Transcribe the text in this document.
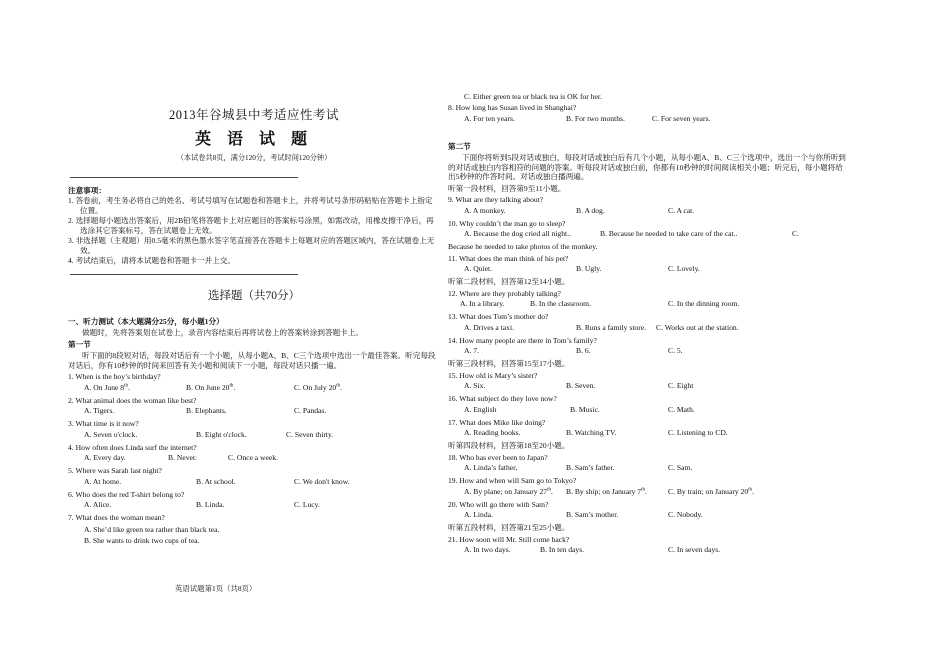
2013年谷城县中考适应性考试
英 语 试 题
（本试卷共8页，满分120分，考试时间120分钟）
注意事项：
1. 答卷前，考生务必将自己的姓名、考试号填写在试题卷和答题卡上，并将考试号条形码粘贴在答题卡上指定位置。
2. 选择题每小题选出答案后，用2B铅笔将答题卡上对应题目的答案标号涂黑，如需改动，用橡皮擦干净后，再选涂其它答案标号，答在试题卷上无效。
3. 非选择题（主观题）用0.5毫米的黑色墨水签字笔直接答在答题卡上每题对应的答题区域内，答在试题卷上无效。
4. 考试结束后，请将本试题卷和答题卡一并上交。
选择题（共70分）
一、听力测试（本大题满分25分，每小题1分）
做题时，先将答案划在试卷上，录音内容结束后再将试卷上的答案转涂到答题卡上。
第一节
听下面的8段短对话，每段对话后有一个小题，从每小题A、B、C三个选项中选出一个最佳答案。听完每段对话后，你有10秒钟的时间来回答有关小题和阅读下一小题，每段对话只播一遍。
1. When is the boy’s birthday?
A. On June 8th.	B. On June 20th.	C. On July 20th.
2. What animal does the woman like best?
A. Tigers.	B. Elephants.	C. Pandas.
3. What time is it now?
A. Seven o'clock.	B. Eight o'clock.	C. Seven thirty.
4. How often does Linda surf the internet?
A. Every day.	B. Never.	C. Once a week.
5. Where was Sarah last night?
A. At home.	B. At school.	C. We don't know.
6. Who does the red T-shirt belong to?
A. Alice.	B. Linda.	C. Lucy.
7. What does the woman mean?
A. She’d like green tea rather than black tea.
B. She wants to drink two cups of tea.
英语试题第1页（共8页）
C. Either green tea or black tea is OK for her.
8. How long has Susan lived in Shanghai?
A. For ten years.	B. For two months.	C. For seven years.
第二节
下面你将听到5段对话或独白，每段对话或独白后有几个小题，从每小题A、B、C三个选项中，选出一个与你所听到的对话或独白内容相符的问题的答案。听每段对话或独白前，你都有10秒钟的时间阅读相关小题；听完后，每小题将给出5秒钟的作答时间。对话或独白播两遍。
听第一段材料，回答第9至11小题。
9. What are they talking about?
A. A monkey.	B. A dog.	C. A cat.
10. Why couldn’t the man go to sleep?
A. Because the dog cried all night..	B. Because he needed to take care of the cat..	C.
Because he needed to take photos of the monkey.
11. What does the man think of his pet?
A. Quiet.	B. Ugly.	C. Lovely.
听第二段材料，回答第12至14小题。
12. Where are they probably talking?
A. In a library.	B. In the classroom.	C. In the dinning room.
13. What does Tom’s mother do?
A. Drives a taxi.	B. Runs a family store. C. Works out at the station.
14. How many people are there in Tom’s family?
A. 7.	B. 6.	C. 5.
听第三段材料，回答第15至17小题。
15. How old is Mary’s sister?
A. Six.	B. Seven.	C. Eight
16. What subject do they love now?
A. English	B. Music.	C. Math.
17. What does Mike like doing?
A. Reading books.	B. Watching TV.	C. Listening to CD.
听第四段材料，回答第18至20小题。
18. Who has ever been to Japan?
A. Linda’s father,	B. Sam’s father.	C. Sam.
19. How and when will Sam go to Tokyo?
A. By plane; on January 27th. B. By ship; on January 7th.	C. By train; on January 20th.
20. Who will go there with Sam?
A. Linda.	B. Sam’s mother.	C. Nobody.
听第五段材料，回答第21至25小题。
21. How soon will Mr. Still come back?
A. In two days.	B. In ten days.	C. In seven days.
